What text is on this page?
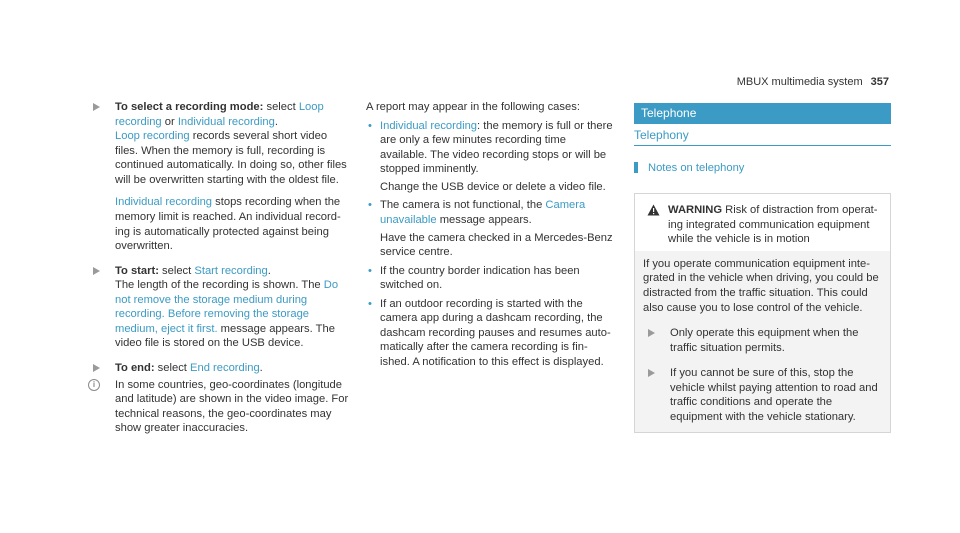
MBUX multimedia system 357
To select a recording mode: select Loop recording or Individual recording.
Loop recording records several short video files. When the memory is full, recording is continued automatically. In doing so, other files will be overwritten starting with the oldest file.
Individual recording stops recording when the memory limit is reached. An individual record-ing is automatically protected against being overwritten.
To start: select Start recording.
The length of the recording is shown. The Do not remove the storage medium during recording. Before removing the storage medium, eject it first. message appears. The video file is stored on the USB device.
To end: select End recording.
i	In some countries, geo-coordinates (longitude and latitude) are shown in the video image. For technical reasons, the geo-coordinates may show greater inaccuracies.
A report may appear in the following cases:
• Individual recording: the memory is full or there are only a few minutes recording time available. The video recording stops or will be stopped imminently.
Change the USB device or delete a video file.
• The camera is not functional, the Camera unavailable message appears.
Have the camera checked in a Mercedes-Benz service centre.
• If the country border indication has been switched on.
• If an outdoor recording is started with the camera app during a dashcam recording, the dashcam recording pauses and resumes auto-matically after the camera recording is fin-ished. A notification to this effect is displayed.
Telephone
Telephony
Notes on telephony
WARNING Risk of distraction from operat-ing integrated communication equipment while the vehicle is in motion
If you operate communication equipment inte-grated in the vehicle when driving, you could be distracted from the traffic situation. This could also cause you to lose control of the vehicle.
Only operate this equipment when the traffic situation permits.
If you cannot be sure of this, stop the vehicle whilst paying attention to road and traffic conditions and operate the equipment with the vehicle stationary.
